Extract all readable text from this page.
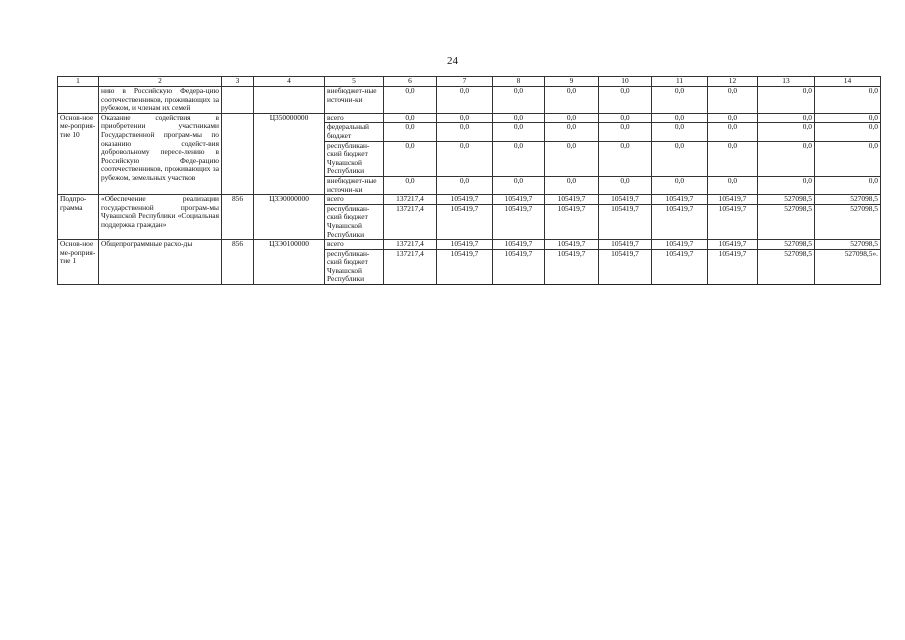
24
1	2	3	4	5	6	7	8	9	10	11	12	13	14
	нию в Российскую Федера-цию соотечественников, проживающих за рубежом, и членам их семей			внебюджет-ные источни-ки	0,0	0,0	0,0	0,0	0,0	0,0	0,0	0,0	0,0
Основ-ное ме-роприя-тие 10	Оказание содействия в приобретении участниками Государственной програм-мы по оказанию содейст-вия добровольному пересе-лению в Российскую Феде-рацию соотечественников, проживающих за рубежом, земельных участков		Ц350000000	всего	0,0	0,0	0,0	0,0	0,0	0,0	0,0	0,0	0,0
				федеральный бюджет	0,0	0,0	0,0	0,0	0,0	0,0	0,0	0,0	0,0
				республикан-ский бюджет Чувашской Республики	0,0	0,0	0,0	0,0	0,0	0,0	0,0	0,0	0,0
				внебюджет-ные источни-ки	0,0	0,0	0,0	0,0	0,0	0,0	0,0	0,0	0,0
Подпро-грамма	«Обеспечение реализации государственной програм-мы Чувашской Республики «Социальная поддержка граждан»	856	Ц3Э0000000	всего	137217,4	105419,7	105419,7	105419,7	105419,7	105419,7	105419,7	527098,5	527098,5
				республикан-ский бюджет Чувашской Республики	137217,4	105419,7	105419,7	105419,7	105419,7	105419,7	105419,7	527098,5	527098,5
Основ-ное ме-роприя-тие 1	Общепрограммные расхо-ды	856	Ц3Э0100000	всего	137217,4	105419,7	105419,7	105419,7	105419,7	105419,7	105419,7	527098,5	527098,5
				республикан-ский бюджет Чувашской Республики	137217,4	105419,7	105419,7	105419,7	105419,7	105419,7	105419,7	527098,5	527098,5».
